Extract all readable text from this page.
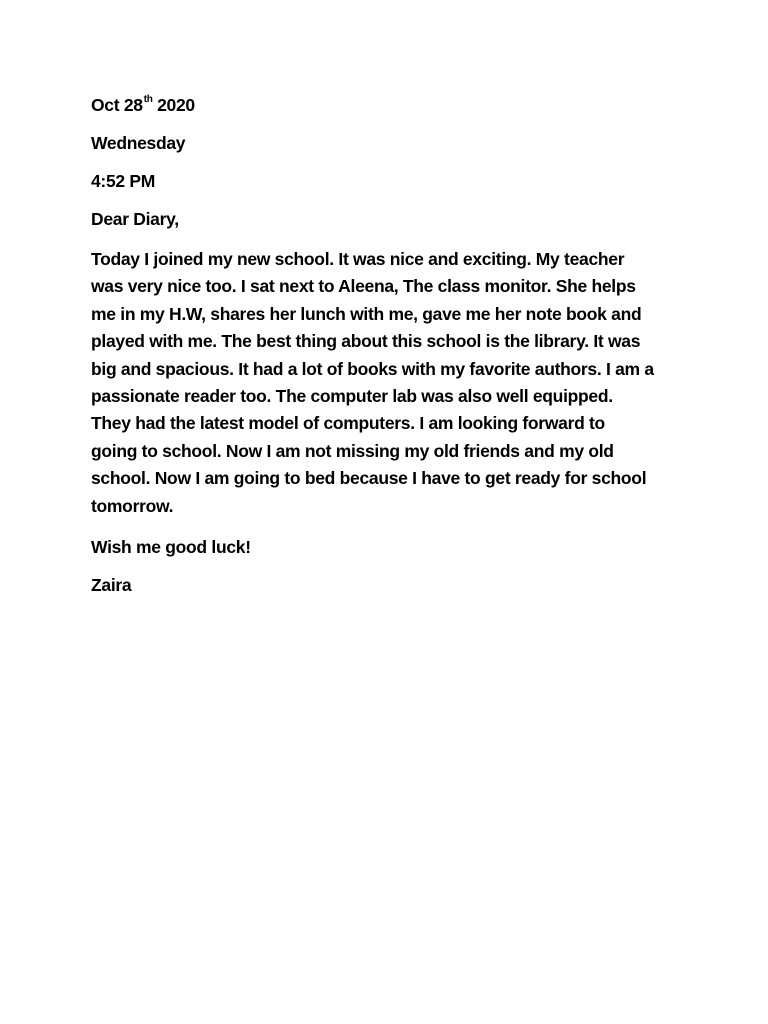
Oct 28th 2020

Wednesday

4:52 PM

Dear Diary,

Today I joined my new school. It was nice and exciting. My teacher
was very nice too. I sat next to Aleena, The class monitor. She helps
me in my H.W, shares her lunch with me, gave me her note book and
played with me. The best thing about this school is the library. It was
big and spacious. It had a lot of books with my favorite authors. I am a
passionate reader too. The computer lab was also well equipped.
They had the latest model of computers. I am looking forward to
going to school. Now I am not missing my old friends and my old
school. Now I am going to bed because I have to get ready for school
tomorrow.

Wish me good luck!

Zaira
